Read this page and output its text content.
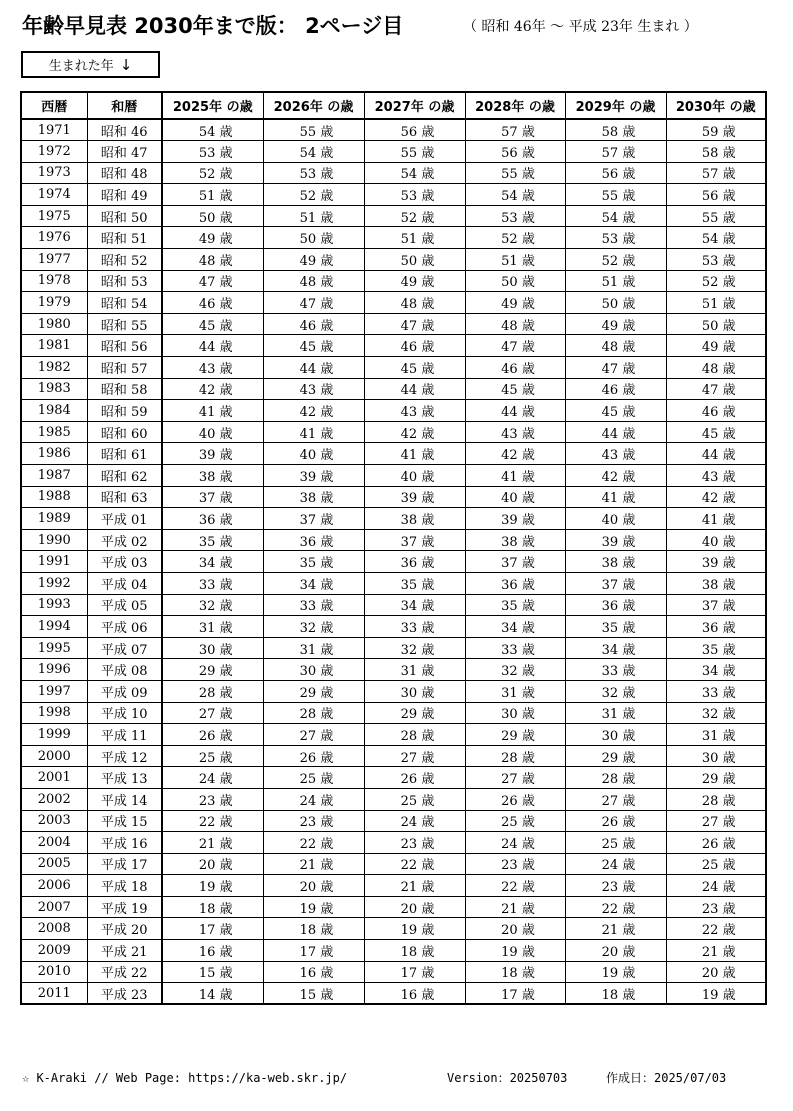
年齢早見表 2030年まで版： 2ページ目	（ 昭和 46年 〜 平成 23年 生まれ ）
生まれた年 ↓
西暦	和暦	2025年 の歳	2026年 の歳	2027年 の歳	2028年 の歳	2029年 の歳	2030年 の歳
1971	昭和 46	54 歳	55 歳	56 歳	57 歳	58 歳	59 歳
1972	昭和 47	53 歳	54 歳	55 歳	56 歳	57 歳	58 歳
1973	昭和 48	52 歳	53 歳	54 歳	55 歳	56 歳	57 歳
1974	昭和 49	51 歳	52 歳	53 歳	54 歳	55 歳	56 歳
1975	昭和 50	50 歳	51 歳	52 歳	53 歳	54 歳	55 歳
1976	昭和 51	49 歳	50 歳	51 歳	52 歳	53 歳	54 歳
1977	昭和 52	48 歳	49 歳	50 歳	51 歳	52 歳	53 歳
1978	昭和 53	47 歳	48 歳	49 歳	50 歳	51 歳	52 歳
1979	昭和 54	46 歳	47 歳	48 歳	49 歳	50 歳	51 歳
1980	昭和 55	45 歳	46 歳	47 歳	48 歳	49 歳	50 歳
1981	昭和 56	44 歳	45 歳	46 歳	47 歳	48 歳	49 歳
1982	昭和 57	43 歳	44 歳	45 歳	46 歳	47 歳	48 歳
1983	昭和 58	42 歳	43 歳	44 歳	45 歳	46 歳	47 歳
1984	昭和 59	41 歳	42 歳	43 歳	44 歳	45 歳	46 歳
1985	昭和 60	40 歳	41 歳	42 歳	43 歳	44 歳	45 歳
1986	昭和 61	39 歳	40 歳	41 歳	42 歳	43 歳	44 歳
1987	昭和 62	38 歳	39 歳	40 歳	41 歳	42 歳	43 歳
1988	昭和 63	37 歳	38 歳	39 歳	40 歳	41 歳	42 歳
1989	平成 01	36 歳	37 歳	38 歳	39 歳	40 歳	41 歳
1990	平成 02	35 歳	36 歳	37 歳	38 歳	39 歳	40 歳
1991	平成 03	34 歳	35 歳	36 歳	37 歳	38 歳	39 歳
1992	平成 04	33 歳	34 歳	35 歳	36 歳	37 歳	38 歳
1993	平成 05	32 歳	33 歳	34 歳	35 歳	36 歳	37 歳
1994	平成 06	31 歳	32 歳	33 歳	34 歳	35 歳	36 歳
1995	平成 07	30 歳	31 歳	32 歳	33 歳	34 歳	35 歳
1996	平成 08	29 歳	30 歳	31 歳	32 歳	33 歳	34 歳
1997	平成 09	28 歳	29 歳	30 歳	31 歳	32 歳	33 歳
1998	平成 10	27 歳	28 歳	29 歳	30 歳	31 歳	32 歳
1999	平成 11	26 歳	27 歳	28 歳	29 歳	30 歳	31 歳
2000	平成 12	25 歳	26 歳	27 歳	28 歳	29 歳	30 歳
2001	平成 13	24 歳	25 歳	26 歳	27 歳	28 歳	29 歳
2002	平成 14	23 歳	24 歳	25 歳	26 歳	27 歳	28 歳
2003	平成 15	22 歳	23 歳	24 歳	25 歳	26 歳	27 歳
2004	平成 16	21 歳	22 歳	23 歳	24 歳	25 歳	26 歳
2005	平成 17	20 歳	21 歳	22 歳	23 歳	24 歳	25 歳
2006	平成 18	19 歳	20 歳	21 歳	22 歳	23 歳	24 歳
2007	平成 19	18 歳	19 歳	20 歳	21 歳	22 歳	23 歳
2008	平成 20	17 歳	18 歳	19 歳	20 歳	21 歳	22 歳
2009	平成 21	16 歳	17 歳	18 歳	19 歳	20 歳	21 歳
2010	平成 22	15 歳	16 歳	17 歳	18 歳	19 歳	20 歳
2011	平成 23	14 歳	15 歳	16 歳	17 歳	18 歳	19 歳
☆ K-Araki // Web Page: https://ka-web.skr.jp/	Version：20250703	作成日：2025/07/03
